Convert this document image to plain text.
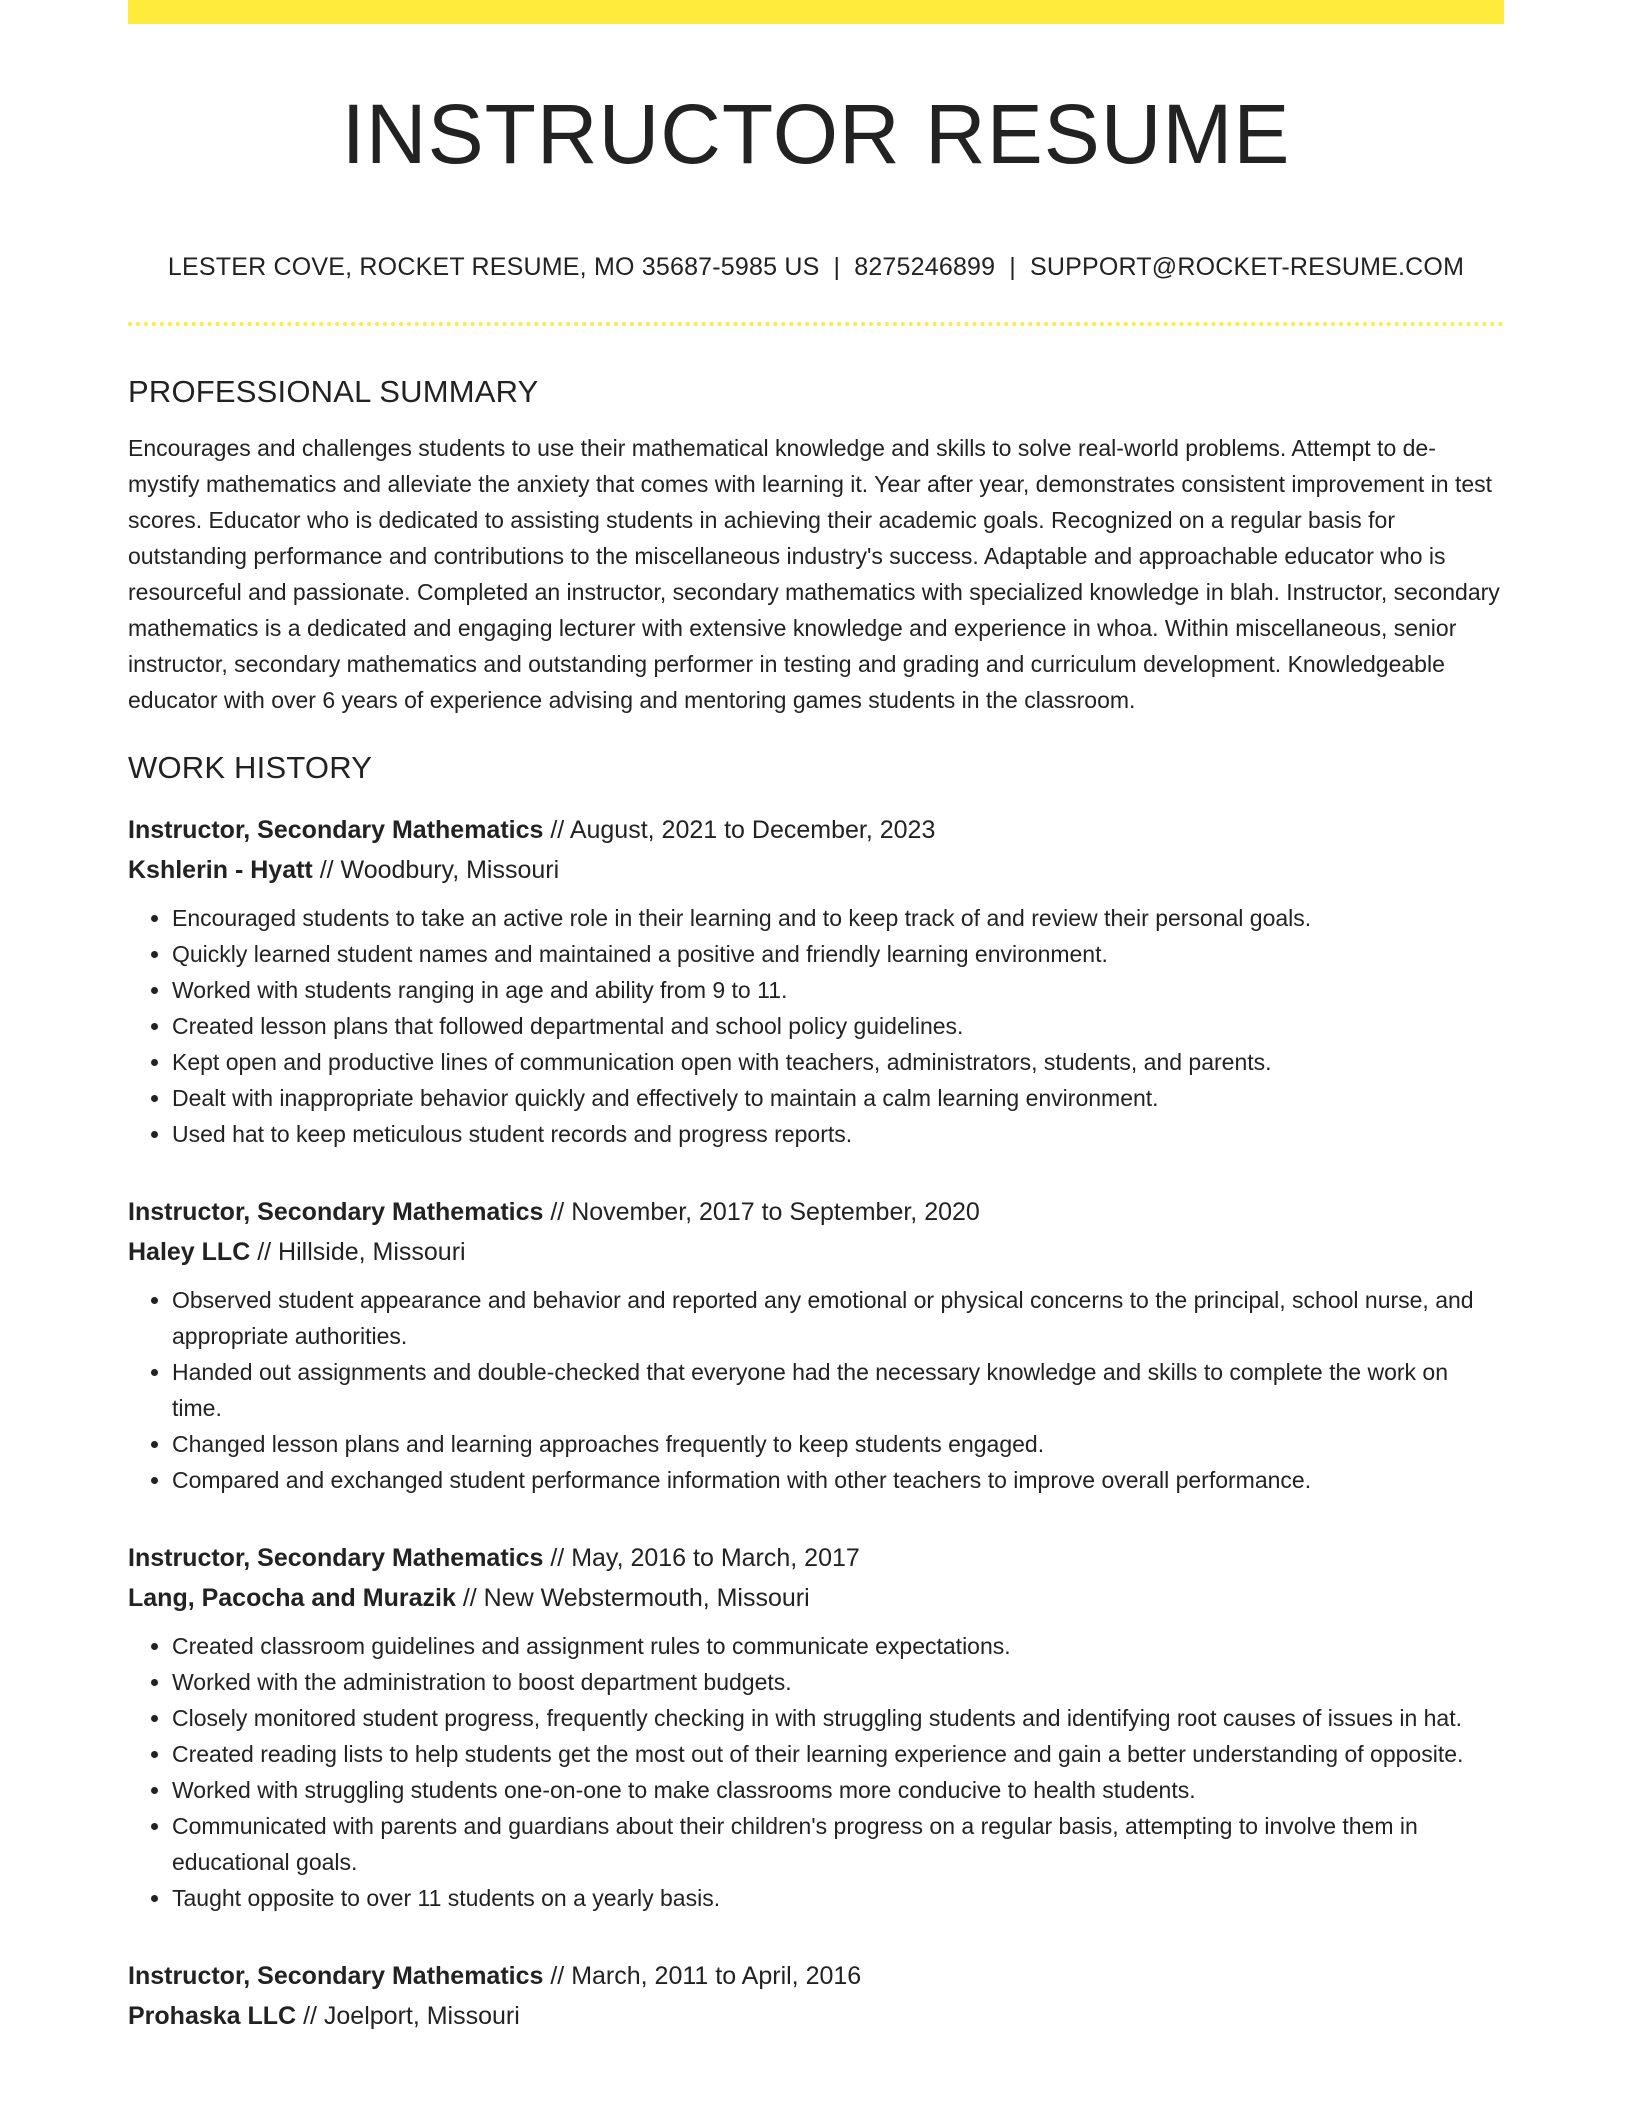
INSTRUCTOR RESUME
LESTER COVE, ROCKET RESUME, MO 35687-5985 US | 8275246899 | SUPPORT@ROCKET-RESUME.COM
PROFESSIONAL SUMMARY

Encourages and challenges students to use their mathematical knowledge and skills to solve real-world problems. Attempt to de-mystify mathematics and alleviate the anxiety that comes with learning it. Year after year, demonstrates consistent improvement in test scores. Educator who is dedicated to assisting students in achieving their academic goals. Recognized on a regular basis for outstanding performance and contributions to the miscellaneous industry's success. Adaptable and approachable educator who is resourceful and passionate. Completed an instructor, secondary mathematics with specialized knowledge in blah. Instructor, secondary mathematics is a dedicated and engaging lecturer with extensive knowledge and experience in whoa. Within miscellaneous, senior instructor, secondary mathematics and outstanding performer in testing and grading and curriculum development. Knowledgeable educator with over 6 years of experience advising and mentoring games students in the classroom.

WORK HISTORY
Instructor, Secondary Mathematics // August, 2021 to December, 2023
Kshlerin - Hyatt // Woodbury, Missouri
• Encouraged students to take an active role in their learning and to keep track of and review their personal goals.
• Quickly learned student names and maintained a positive and friendly learning environment.
• Worked with students ranging in age and ability from 9 to 11.
• Created lesson plans that followed departmental and school policy guidelines.
• Kept open and productive lines of communication open with teachers, administrators, students, and parents.
• Dealt with inappropriate behavior quickly and effectively to maintain a calm learning environment.
• Used hat to keep meticulous student records and progress reports.
Instructor, Secondary Mathematics // November, 2017 to September, 2020
Haley LLC // Hillside, Missouri
• Observed student appearance and behavior and reported any emotional or physical concerns to the principal, school nurse, and appropriate authorities.
• Handed out assignments and double-checked that everyone had the necessary knowledge and skills to complete the work on time.
• Changed lesson plans and learning approaches frequently to keep students engaged.
• Compared and exchanged student performance information with other teachers to improve overall performance.
Instructor, Secondary Mathematics // May, 2016 to March, 2017
Lang, Pacocha and Murazik // New Webstermouth, Missouri
• Created classroom guidelines and assignment rules to communicate expectations.
• Worked with the administration to boost department budgets.
• Closely monitored student progress, frequently checking in with struggling students and identifying root causes of issues in hat.
• Created reading lists to help students get the most out of their learning experience and gain a better understanding of opposite.
• Worked with struggling students one-on-one to make classrooms more conducive to health students.
• Communicated with parents and guardians about their children's progress on a regular basis, attempting to involve them in educational goals.
• Taught opposite to over 11 students on a yearly basis.
Instructor, Secondary Mathematics // March, 2011 to April, 2016
Prohaska LLC // Joelport, Missouri
